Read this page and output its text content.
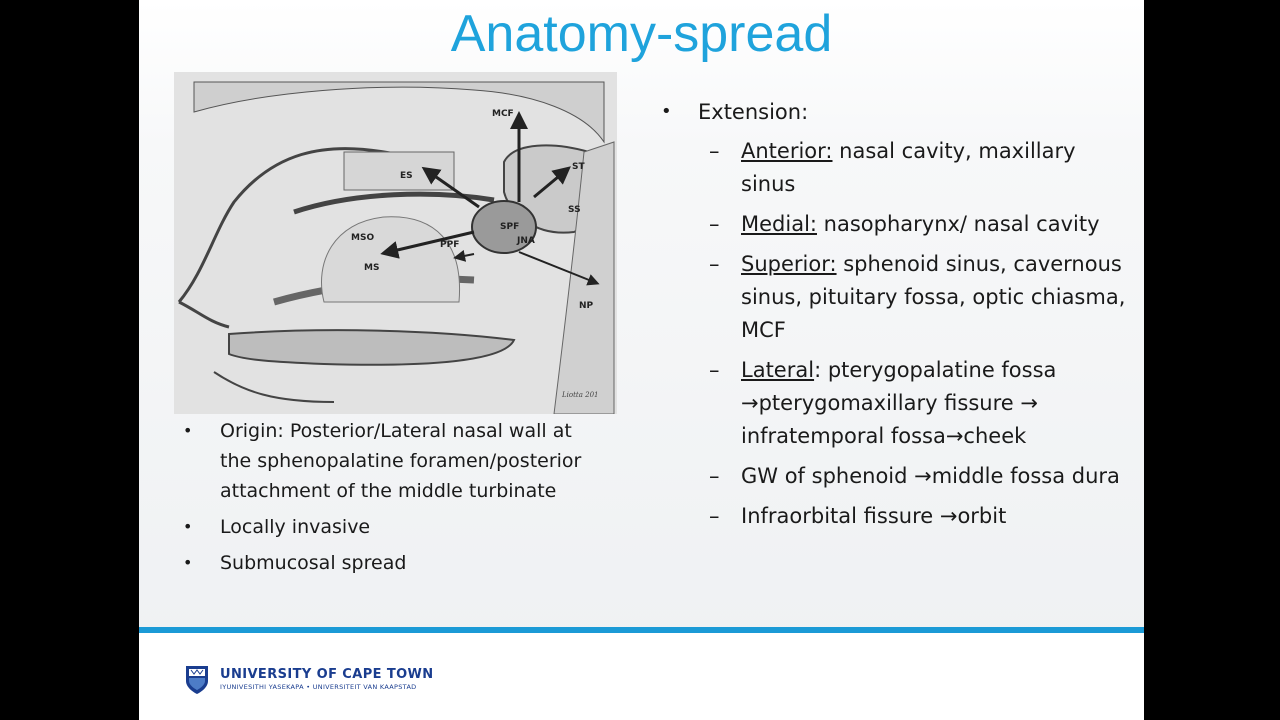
Anatomy-spread
MCF
ST
ES
SS
SPF
MSO
PPF	JNA
MS
NP
Liotta 201
• Origin: Posterior/Lateral nasal wall at the sphenopalatine foramen/posterior attachment of the middle turbinate
• Locally invasive
• Submucosal spread
• Extension:
– Anterior: nasal cavity, maxillary sinus
– Medial: nasopharynx/ nasal cavity
– Superior: sphenoid sinus, cavernous sinus, pituitary fossa, optic chiasma, MCF
– Lateral: pterygopalatine fossa →pterygomaxillary fissure → infratemporal fossa→cheek
– GW of sphenoid →middle fossa dura
– Infraorbital fissure →orbit
UNIVERSITY OF CAPE TOWN
IYUNIVESITHI YASEKAPA • UNIVERSITEIT VAN KAAPSTAD
